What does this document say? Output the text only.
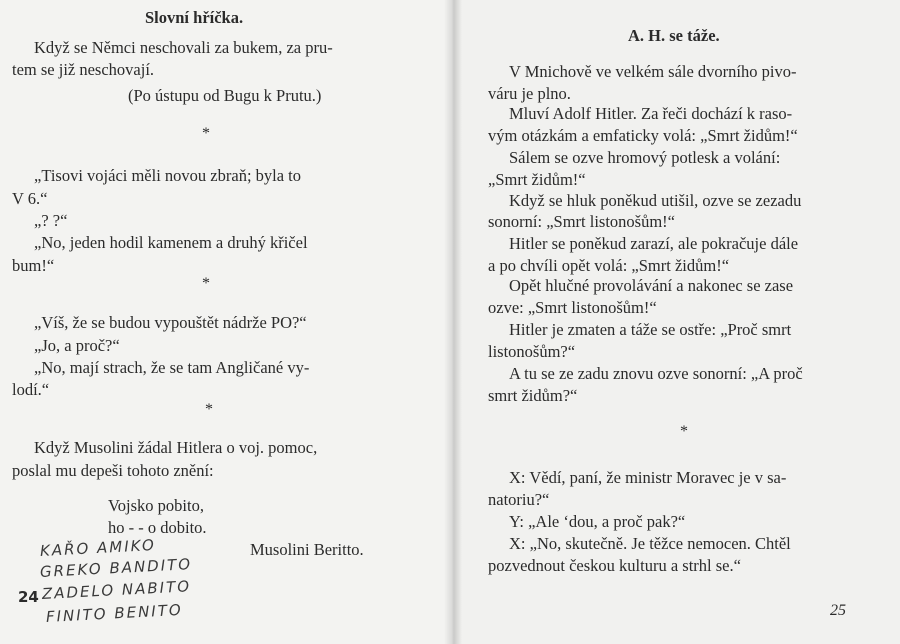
Slovní hříčka.
Když se Němci neschovali za bukem, za pru-
tem se již neschovají.
(Po ústupu od Bugu k Prutu.)
*
„Tisovi vojáci měli novou zbraň; byla to
V 6.“
„? ?“
„No, jeden hodil kamenem a druhý křičel
bum!“
*
„Víš, že se budou vypouštět nádrže PO?“
„Jo, a proč?“
„No, mají strach, že se tam Angličané vy-
lodí.“
*
Když Musolini žádal Hitlera o voj. pomoc,
poslal mu depeši tohoto znění:
Vojsko pobito,
ho - - o dobito.
Musolini Beritto.
KAŘO AMIKO
GREKO BANDITO
ZADELO NABITO
FINITO BENITO
24
A. H. se táže.
V Mnichově ve velkém sále dvorního pivo-
váru je plno.
Mluví Adolf Hitler. Za řeči dochází k raso-
vým otázkám a emfaticky volá: „Smrt židům!“
Sálem se ozve hromový potlesk a volání:
„Smrt židům!“
Když se hluk poněkud utišil, ozve se zezadu
sonorní: „Smrt listonošům!“
Hitler se poněkud zarazí, ale pokračuje dále
a po chvíli opět volá: „Smrt židům!“
Opět hlučné provolávání a nakonec se zase
ozve: „Smrt listonošům!“
Hitler je zmaten a táže se ostře: „Proč smrt
listonošům?“
A tu se ze zadu znovu ozve sonorní: „A proč
smrt židům?“
*
X: Vědí, paní, že ministr Moravec je v sa-
natoriu?“
Y: „Ale ‘dou, a proč pak?“
X: „No, skutečně. Je těžce nemocen. Chtěl
pozvednout českou kulturu a strhl se.“
25
